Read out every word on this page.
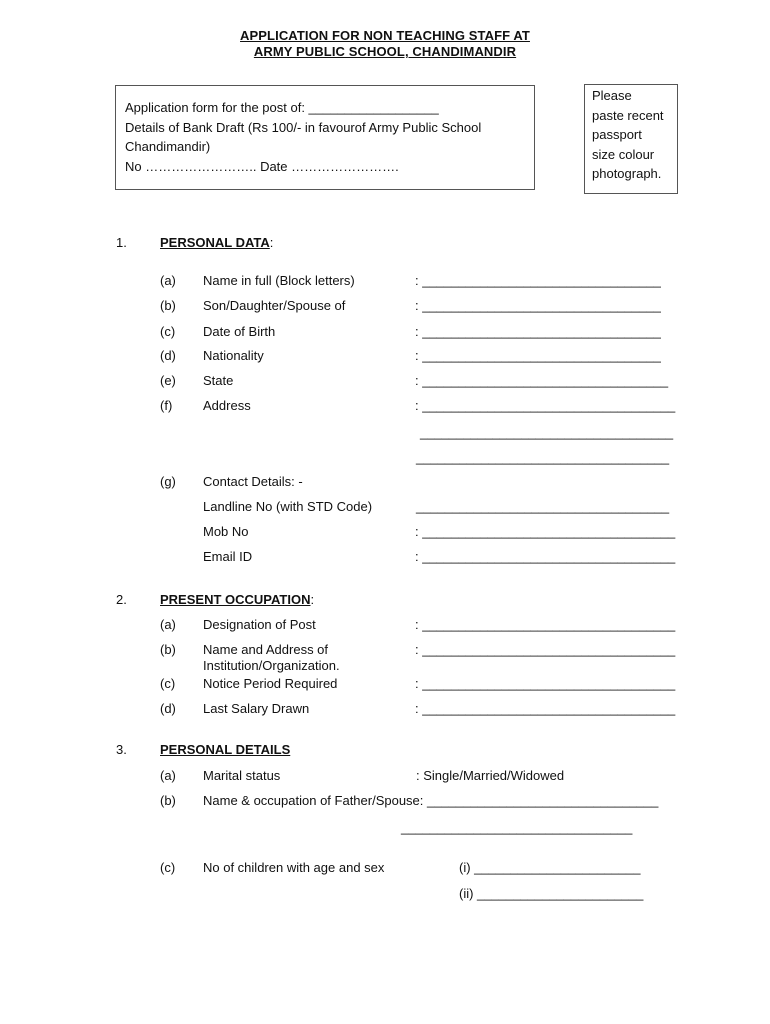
APPLICATION FOR NON TEACHING STAFF AT
ARMY PUBLIC SCHOOL, CHANDIMANDIR
Application form for the post of: __________________
Details of Bank Draft (Rs 100/- in favourof Army Public School
Chandimandir)
No …………………….. Date …………………….
Please
paste recent
passport
size colour
photograph.
1.	PERSONAL DATA:
(a) Name in full (Block letters)	: _________________________________
(b) Son/Daughter/Spouse of	: _________________________________
(c) Date of Birth	: _________________________________
(d) Nationality	: _________________________________
(e) State	: __________________________________
(f) Address	: ___________________________________
___________________________________
___________________________________
(g) Contact Details: -
Landline No (with STD Code)	___________________________________
Mob No	: ___________________________________
Email ID	: ___________________________________
2.	PRESENT OCCUPATION:
(a) Designation of Post	: ___________________________________
(b) Name and Address of
Institution/Organization.
: ___________________________________
(c) Notice Period Required	: ___________________________________
(d) Last Salary Drawn	: ___________________________________
3.	PERSONAL DETAILS
(a) Marital status	: Single/Married/Widowed
(b) Name & occupation of Father/Spouse: ________________________________
________________________________
(c) No of children with age and sex	(i) _______________________
(ii) _______________________
